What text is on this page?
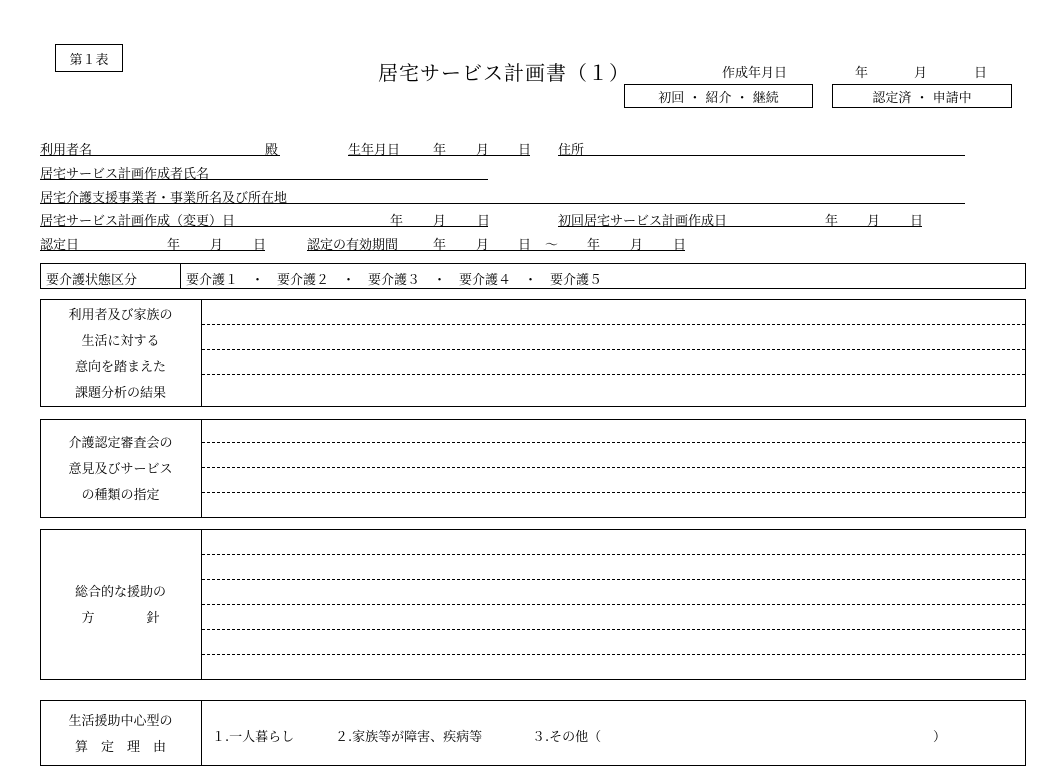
第１表
居宅サービス計画書（１）	作成年月日	年	月	日
初回 ・ 紹介 ・ 継続	認定済 ・ 申請中
利用者名	殿	生年月日	年 月 日 住所
居宅サービス計画作成者氏名
居宅介護支援事業者・事業所名及び所在地
居宅サービス計画作成（変更）日	年 月 日	初回居宅サービス計画作成日	年 月 日
認定日	年 月 日	認定の有効期間	年 月 日 ～ 年 月 日
要介護状態区分	要介護１　・　要介護２　・　要介護３　・　要介護４　・　要介護５
利用者及び家族の
生活に対する
意向を踏まえた
課題分析の結果
介護認定審査会の
意見及びサービス
の種類の指定
総合的な援助の
方　　　　針
生活援助中心型の
算　定　理　由
１.一人暮らし	２.家族等が障害、疾病等	３.その他（	）
